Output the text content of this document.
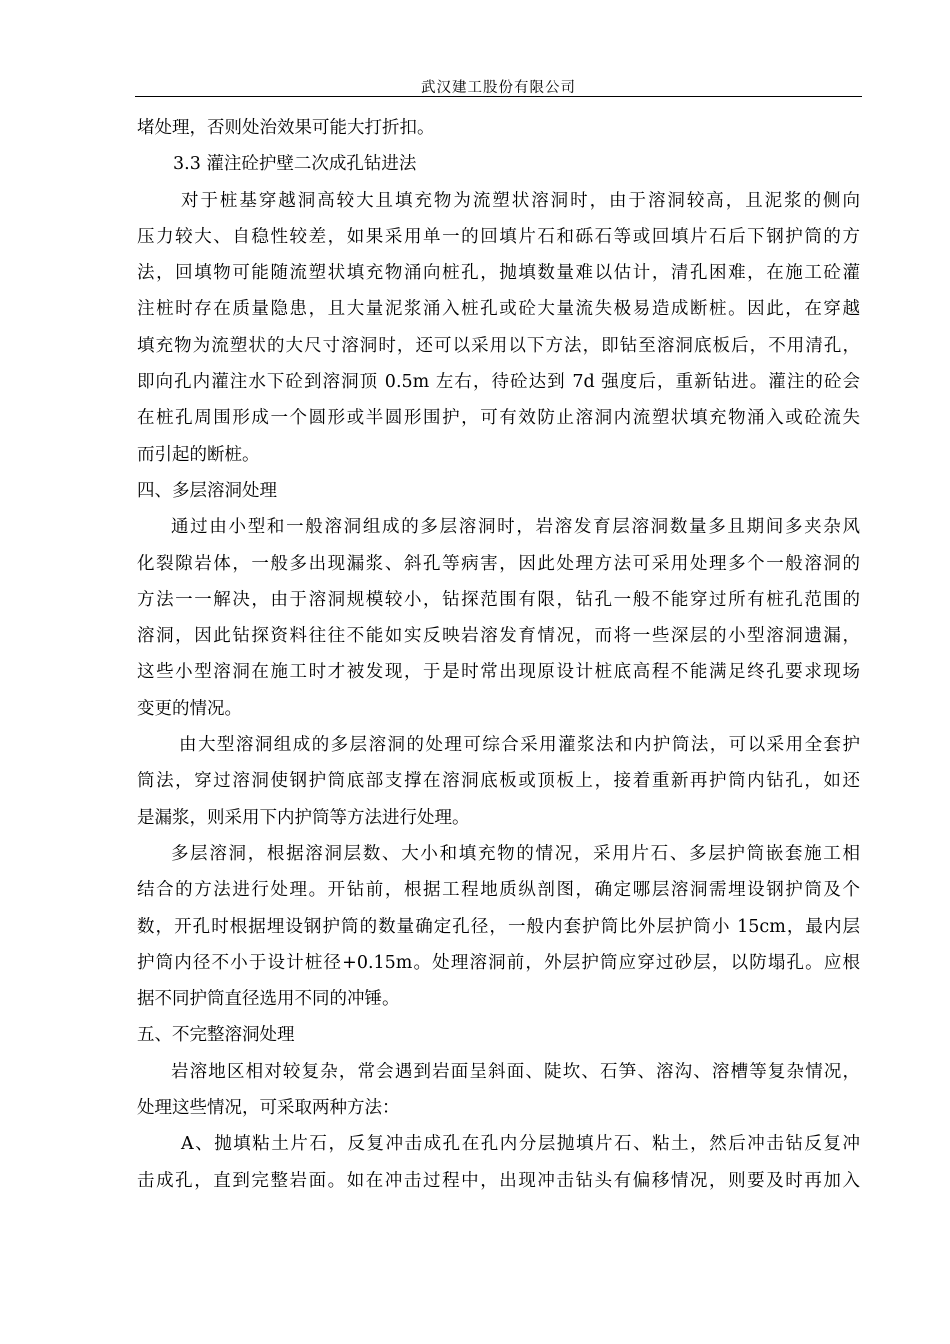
武汉建工股份有限公司
堵处理，否则处治效果可能大打折扣。
3.3 灌注砼护壁二次成孔钻进法
对于桩基穿越洞高较大且填充物为流塑状溶洞时，由于溶洞较高，且泥浆的侧向
压力较大、自稳性较差，如果采用单一的回填片石和砾石等或回填片石后下钢护筒的方
法，回填物可能随流塑状填充物涌向桩孔，抛填数量难以估计，清孔困难，在施工砼灌
注桩时存在质量隐患，且大量泥浆涌入桩孔或砼大量流失极易造成断桩。因此，在穿越
填充物为流塑状的大尺寸溶洞时，还可以采用以下方法，即钻至溶洞底板后，不用清孔，
即向孔内灌注水下砼到溶洞顶 0.5m 左右，待砼达到 7d 强度后，重新钻进。灌注的砼会
在桩孔周围形成一个圆形或半圆形围护，可有效防止溶洞内流塑状填充物涌入或砼流失
而引起的断桩。
四、多层溶洞处理
通过由小型和一般溶洞组成的多层溶洞时，岩溶发育层溶洞数量多且期间多夹杂风
化裂隙岩体，一般多出现漏浆、斜孔等病害，因此处理方法可采用处理多个一般溶洞的
方法一一解决，由于溶洞规模较小，钻探范围有限，钻孔一般不能穿过所有桩孔范围的
溶洞，因此钻探资料往往不能如实反映岩溶发育情况，而将一些深层的小型溶洞遗漏，
这些小型溶洞在施工时才被发现，于是时常出现原设计桩底高程不能满足终孔要求现场
变更的情况。
由大型溶洞组成的多层溶洞的处理可综合采用灌浆法和内护筒法，可以采用全套护
筒法，穿过溶洞使钢护筒底部支撑在溶洞底板或顶板上，接着重新再护筒内钻孔，如还
是漏浆，则采用下内护筒等方法进行处理。
多层溶洞，根据溶洞层数、大小和填充物的情况，采用片石、多层护筒嵌套施工相
结合的方法进行处理。开钻前，根据工程地质纵剖图，确定哪层溶洞需埋设钢护筒及个
数，开孔时根据埋设钢护筒的数量确定孔径，一般内套护筒比外层护筒小 15cm，最内层
护筒内径不小于设计桩径+0.15m。处理溶洞前，外层护筒应穿过砂层，以防塌孔。应根
据不同护筒直径选用不同的冲锤。
五、不完整溶洞处理
岩溶地区相对较复杂，常会遇到岩面呈斜面、陡坎、石笋、溶沟、溶槽等复杂情况，
处理这些情况，可采取两种方法：
A、抛填粘土片石，反复冲击成孔在孔内分层抛填片石、粘土，然后冲击钻反复冲
击成孔，直到完整岩面。如在冲击过程中，出现冲击钻头有偏移情况，则要及时再加入
